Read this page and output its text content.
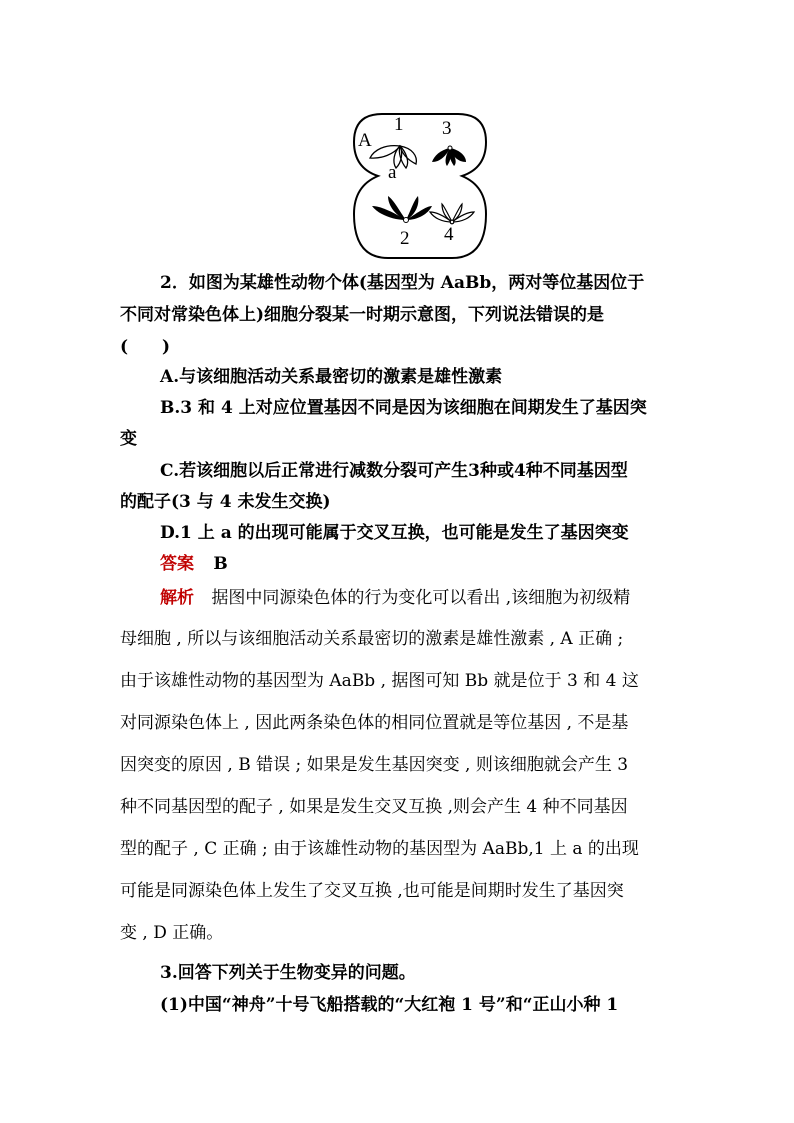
A
a
1 3
2 4
2．如图为某雄性动物个体(基因型为 AaBb，两对等位基因位于
不同对常染色体上)细胞分裂某一时期示意图，下列说法错误的是
(　　)
A.与该细胞活动关系最密切的激素是雄性激素
B.3 和 4 上对应位置基因不同是因为该细胞在间期发生了基因突
变
C.若该细胞以后正常进行减数分裂可产生3种或4种不同基因型
的配子(3 与 4 未发生交换)
D.1 上 a 的出现可能属于交叉互换，也可能是发生了基因突变
答案 B
解析 据图中同源染色体的行为变化可以看出 ,该细胞为初级精
母细胞 , 所以与该细胞活动关系最密切的激素是雄性激素 , A 正确 ;
由于该雄性动物的基因型为 AaBb , 据图可知 Bb 就是位于 3 和 4 这
对同源染色体上 , 因此两条染色体的相同位置就是等位基因 , 不是基
因突变的原因 , B 错误 ; 如果是发生基因突变 , 则该细胞就会产生 3
种不同基因型的配子 , 如果是发生交叉互换 ,则会产生 4 种不同基因
型的配子 , C 正确 ; 由于该雄性动物的基因型为 AaBb,1 上 a 的出现
可能是同源染色体上发生了交叉互换 ,也可能是间期时发生了基因突
变 , D 正确。
3.回答下列关于生物变异的问题。
(1)中国“神舟”十号飞船搭载的“大红袍 1 号”和“正山小种 1
